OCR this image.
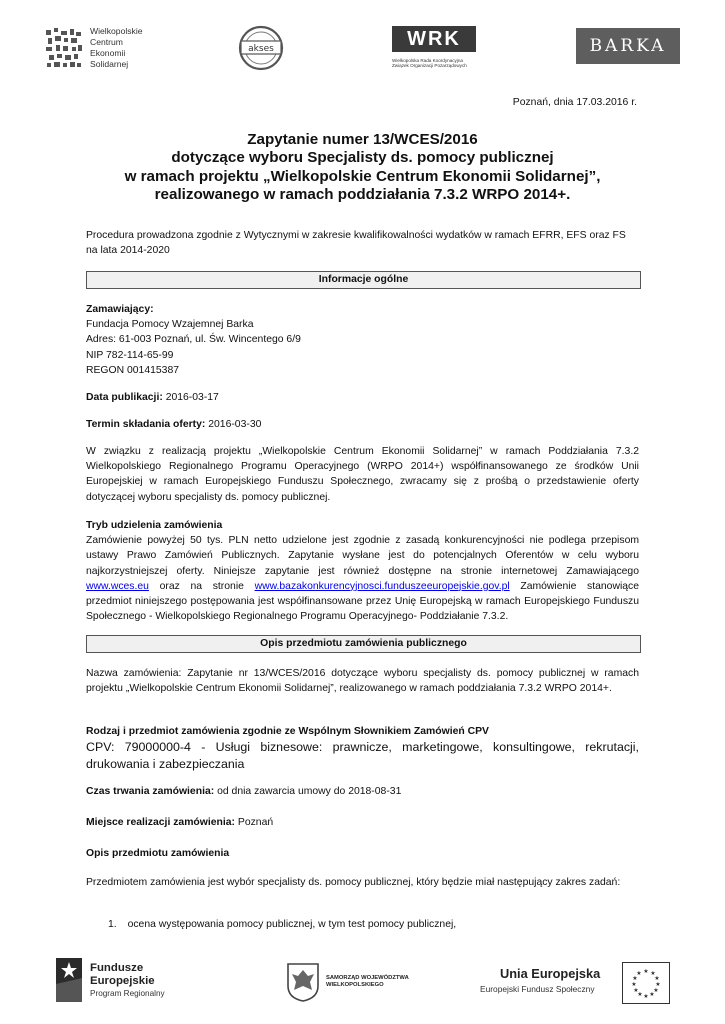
Wielkopolskie
Centrum
Ekonomii
Solidarnej
akses	WRK
Wielkopolska Rada Koordynacyjna Związek Organizacji Pozarządowych
BARKA
Poznań, dnia 17.03.2016 r.
Zapytanie numer 13/WCES/2016
dotyczące wyboru Specjalisty ds. pomocy publicznej
w ramach projektu „Wielkopolskie Centrum Ekonomii Solidarnej”,
realizowanego w ramach poddziałania 7.3.2 WRPO 2014+.

Procedura prowadzona zgodnie z Wytycznymi w zakresie kwalifikowalności wydatków w ramach EFRR, EFS oraz FS na lata 2014-2020

Informacje ogólne
Zamawiający:
Fundacja Pomocy Wzajemnej Barka
Adres: 61-003 Poznań, ul. Św. Wincentego 6/9
NIP 782-114-65-99
REGON 001415387

Data publikacji: 2016-03-17

Termin składania oferty: 2016-03-30

W związku z realizacją projektu „Wielkopolskie Centrum Ekonomii Solidarnej” w ramach Poddziałania 7.3.2 Wielkopolskiego Regionalnego Programu Operacyjnego (WRPO 2014+) współfinansowanego ze środków Unii Europejskiej w ramach Europejskiego Funduszu Społecznego, zwracamy się z prośbą o przedstawienie oferty dotyczącej wyboru specjalisty ds. pomocy publicznej.

Tryb udzielenia zamówienia
Zamówienie powyżej 50 tys. PLN netto udzielone jest zgodnie z zasadą konkurencyjności nie podlega przepisom ustawy Prawo Zamówień Publicznych. Zapytanie wysłane jest do potencjalnych Oferentów w celu wyboru najkorzystniejszej oferty. Niniejsze zapytanie jest również dostępne na stronie internetowej Zamawiającego www.wces.eu oraz na stronie www.bazakonkurencyjnosci.funduszeeuropejskie.gov.pl Zamówienie stanowiące przedmiot niniejszego postępowania jest współfinansowane przez Unię Europejską w ramach Europejskiego Funduszu Społecznego - Wielkopolskiego Regionalnego Programu Operacyjnego- Poddziałanie 7.3.2.
Opis przedmiotu zamówienia publicznego

Nazwa zamówienia: Zapytanie nr 13/WCES/2016 dotyczące wyboru specjalisty ds. pomocy publicznej w ramach projektu „Wielkopolskie Centrum Ekonomii Solidarnej”, realizowanego w ramach poddziałania 7.3.2 WRPO 2014+.

Rodzaj i przedmiot zamówienia zgodnie ze Wspólnym Słownikiem Zamówień CPV
CPV: 79000000-4 - Usługi biznesowe: prawnicze, marketingowe, konsultingowe, rekrutacji, drukowania i zabezpieczania

Czas trwania zamówienia: od dnia zawarcia umowy do 2018-08-31

Miejsce realizacji zamówienia: Poznań

Opis przedmiotu zamówienia

Przedmiotem zamówienia jest wybór specjalisty ds. pomocy publicznej, który będzie miał następujący zakres zadań:

1. ocena występowania pomocy publicznej, w tym test pomocy publicznej,
Fundusze
Europejskie
Program Regionalny
SAMORZĄD WOJEWÓDZTWA
WIELKOPOLSKIEGO
Unia Europejska
Europejski Fundusz Społeczny
★ ★
★
★
★
★
★
★
★
★
★
★
